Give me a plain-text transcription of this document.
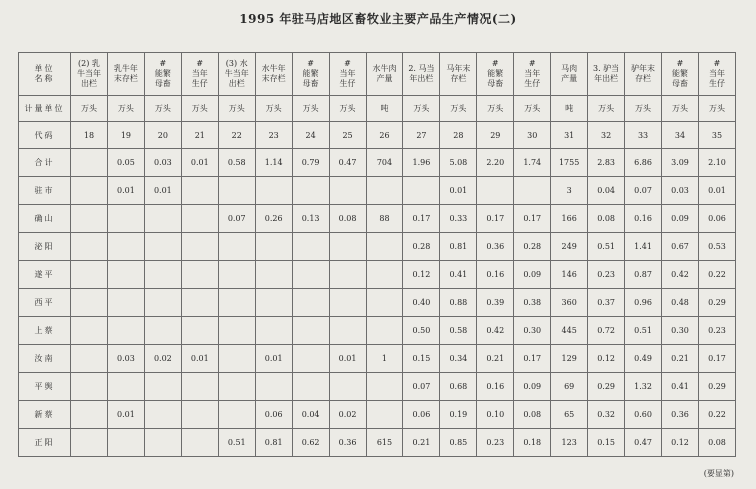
1995 年驻马店地区畜牧业主要产品生产情况(二)
单位
名称	(2) 乳
牛当年
出栏	乳牛年
末存栏	#
能繁
母畜	#
当年
生仔	(3) 水
牛当年
出栏	水牛年
末存栏	#
能繁
母畜	#
当年
生仔	水牛肉
产量	2. 马当
年出栏	马年末
存栏	#
能繁
母畜	#
当年
生仔	马肉
产量	3. 驴当
年出栏	驴年末
存栏	#
能繁
母畜	#
当年
生仔
计量单位	万头	万头	万头	万头	万头	万头	万头	万头	吨	万头	万头	万头	万头	吨	万头	万头	万头	万头
代码	18	19	20	21	22	23	24	25	26	27	28	29	30	31	32	33	34	35
合计		0.05	0.03	0.01	0.58	1.14	0.79	0.47	704	1.96	5.08	2.20	1.74	1755	2.83	6.86	3.09	2.10
驻市		0.01	0.01								0.01			3	0.04	0.07	0.03	0.01
确山					0.07	0.26	0.13	0.08	88	0.17	0.33	0.17	0.17	166	0.08	0.16	0.09	0.06
泌阳										0.28	0.81	0.36	0.28	249	0.51	1.41	0.67	0.53
遂平										0.12	0.41	0.16	0.09	146	0.23	0.87	0.42	0.22
西平										0.40	0.88	0.39	0.38	360	0.37	0.96	0.48	0.29
上蔡										0.50	0.58	0.42	0.30	445	0.72	0.51	0.30	0.23
汝南		0.03	0.02	0.01		0.01		0.01	1	0.15	0.34	0.21	0.17	129	0.12	0.49	0.21	0.17
平舆										0.07	0.68	0.16	0.09	69	0.29	1.32	0.41	0.29
新蔡		0.01				0.06	0.04	0.02		0.06	0.19	0.10	0.08	65	0.32	0.60	0.36	0.22
正阳					0.51	0.81	0.62	0.36	615	0.21	0.85	0.23	0.18	123	0.15	0.47	0.12	0.08
(要显第)
